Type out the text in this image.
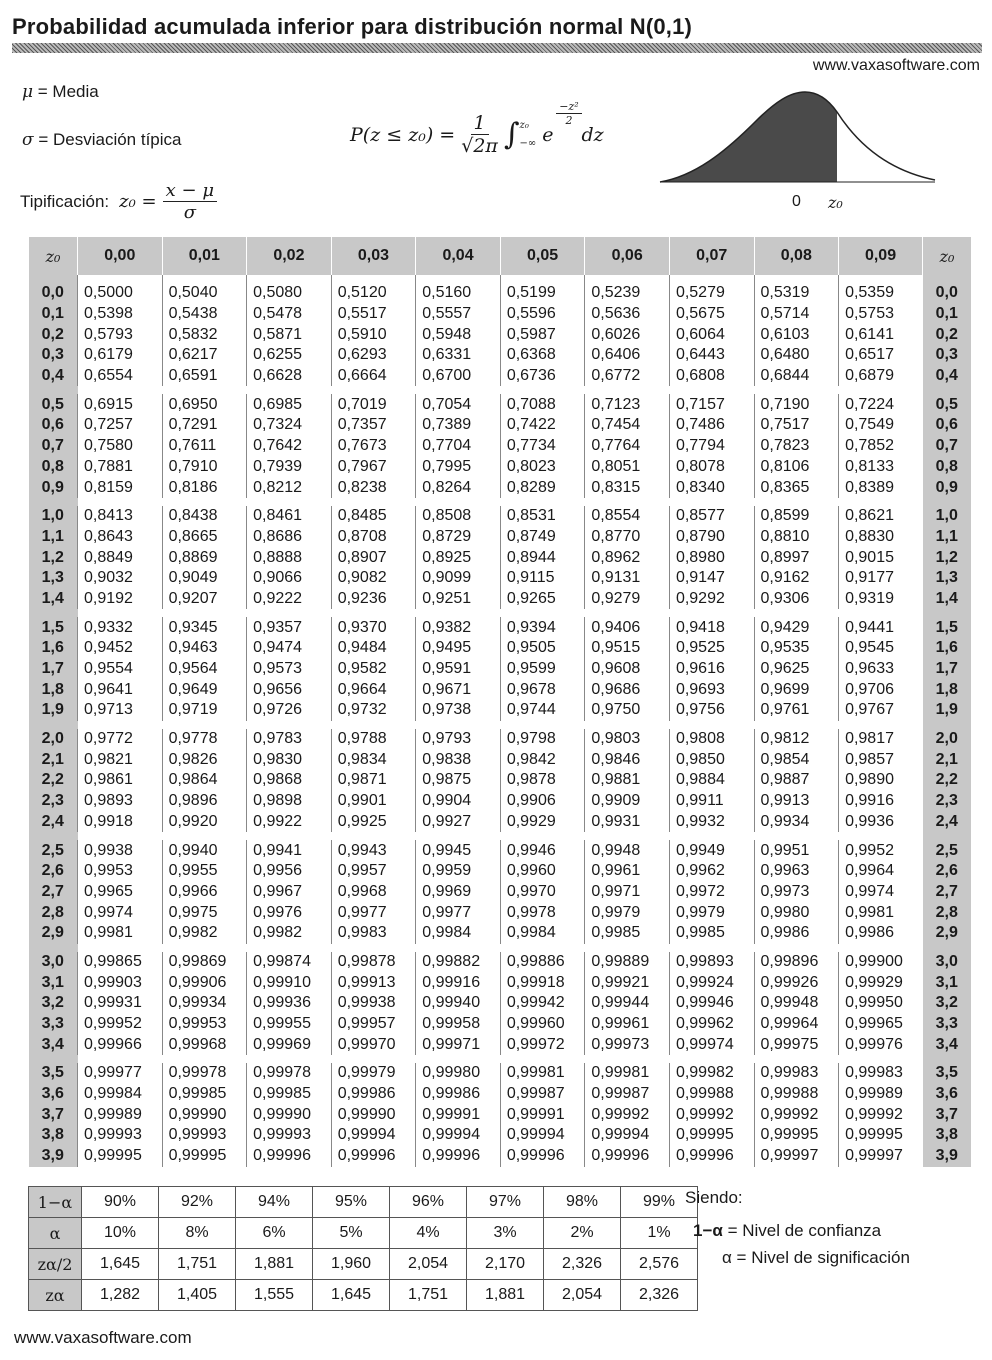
Probabilidad acumulada inferior para distribución normal N(0,1)
www.vaxasoftware.com
μ = Media
σ = Desviación típica	$P(z \le z_0) = \frac{1}{√2\pi}$ ∫ z₀
−∞ e
$\frac{\text{−z²}}{2}$
dz
Tipificación: $z_0 = \frac{x - \mu}{\sigma}$	0 z₀
z₀	0,00	0,01	0,02	0,03	0,04	0,05	0,06	0,07	0,08	0,09	z₀
0,0	0,5000	0,5040	0,5080	0,5120	0,5160	0,5199	0,5239	0,5279	0,5319	0,5359	0,0
0,1	0,5398	0,5438	0,5478	0,5517	0,5557	0,5596	0,5636	0,5675	0,5714	0,5753	0,1
0,2	0,5793	0,5832	0,5871	0,5910	0,5948	0,5987	0,6026	0,6064	0,6103	0,6141	0,2
0,3	0,6179	0,6217	0,6255	0,6293	0,6331	0,6368	0,6406	0,6443	0,6480	0,6517	0,3
0,4	0,6554	0,6591	0,6628	0,6664	0,6700	0,6736	0,6772	0,6808	0,6844	0,6879	0,4

0,5	0,6915	0,6950	0,6985	0,7019	0,7054	0,7088	0,7123	0,7157	0,7190	0,7224	0,5
0,6	0,7257	0,7291	0,7324	0,7357	0,7389	0,7422	0,7454	0,7486	0,7517	0,7549	0,6
0,7	0,7580	0,7611	0,7642	0,7673	0,7704	0,7734	0,7764	0,7794	0,7823	0,7852	0,7
0,8	0,7881	0,7910	0,7939	0,7967	0,7995	0,8023	0,8051	0,8078	0,8106	0,8133	0,8
0,9	0,8159	0,8186	0,8212	0,8238	0,8264	0,8289	0,8315	0,8340	0,8365	0,8389	0,9

1,0	0,8413	0,8438	0,8461	0,8485	0,8508	0,8531	0,8554	0,8577	0,8599	0,8621	1,0
1,1	0,8643	0,8665	0,8686	0,8708	0,8729	0,8749	0,8770	0,8790	0,8810	0,8830	1,1
1,2	0,8849	0,8869	0,8888	0,8907	0,8925	0,8944	0,8962	0,8980	0,8997	0,9015	1,2
1,3	0,9032	0,9049	0,9066	0,9082	0,9099	0,9115	0,9131	0,9147	0,9162	0,9177	1,3
1,4	0,9192	0,9207	0,9222	0,9236	0,9251	0,9265	0,9279	0,9292	0,9306	0,9319	1,4

1,5	0,9332	0,9345	0,9357	0,9370	0,9382	0,9394	0,9406	0,9418	0,9429	0,9441	1,5
1,6	0,9452	0,9463	0,9474	0,9484	0,9495	0,9505	0,9515	0,9525	0,9535	0,9545	1,6
1,7	0,9554	0,9564	0,9573	0,9582	0,9591	0,9599	0,9608	0,9616	0,9625	0,9633	1,7
1,8	0,9641	0,9649	0,9656	0,9664	0,9671	0,9678	0,9686	0,9693	0,9699	0,9706	1,8
1,9	0,9713	0,9719	0,9726	0,9732	0,9738	0,9744	0,9750	0,9756	0,9761	0,9767	1,9

2,0	0,9772	0,9778	0,9783	0,9788	0,9793	0,9798	0,9803	0,9808	0,9812	0,9817	2,0
2,1	0,9821	0,9826	0,9830	0,9834	0,9838	0,9842	0,9846	0,9850	0,9854	0,9857	2,1
2,2	0,9861	0,9864	0,9868	0,9871	0,9875	0,9878	0,9881	0,9884	0,9887	0,9890	2,2
2,3	0,9893	0,9896	0,9898	0,9901	0,9904	0,9906	0,9909	0,9911	0,9913	0,9916	2,3
2,4	0,9918	0,9920	0,9922	0,9925	0,9927	0,9929	0,9931	0,9932	0,9934	0,9936	2,4

2,5	0,9938	0,9940	0,9941	0,9943	0,9945	0,9946	0,9948	0,9949	0,9951	0,9952	2,5
2,6	0,9953	0,9955	0,9956	0,9957	0,9959	0,9960	0,9961	0,9962	0,9963	0,9964	2,6
2,7	0,9965	0,9966	0,9967	0,9968	0,9969	0,9970	0,9971	0,9972	0,9973	0,9974	2,7
2,8	0,9974	0,9975	0,9976	0,9977	0,9977	0,9978	0,9979	0,9979	0,9980	0,9981	2,8
2,9	0,9981	0,9982	0,9982	0,9983	0,9984	0,9984	0,9985	0,9985	0,9986	0,9986	2,9

3,0	0,99865	0,99869	0,99874	0,99878	0,99882	0,99886	0,99889	0,99893	0,99896	0,99900	3,0
3,1	0,99903	0,99906	0,99910	0,99913	0,99916	0,99918	0,99921	0,99924	0,99926	0,99929	3,1
3,2	0,99931	0,99934	0,99936	0,99938	0,99940	0,99942	0,99944	0,99946	0,99948	0,99950	3,2
3,3	0,99952	0,99953	0,99955	0,99957	0,99958	0,99960	0,99961	0,99962	0,99964	0,99965	3,3
3,4	0,99966	0,99968	0,99969	0,99970	0,99971	0,99972	0,99973	0,99974	0,99975	0,99976	3,4

3,5	0,99977	0,99978	0,99978	0,99979	0,99980	0,99981	0,99981	0,99982	0,99983	0,99983	3,5
3,6	0,99984	0,99985	0,99985	0,99986	0,99986	0,99987	0,99987	0,99988	0,99988	0,99989	3,6
3,7	0,99989	0,99990	0,99990	0,99990	0,99991	0,99991	0,99992	0,99992	0,99992	0,99992	3,7
3,8	0,99993	0,99993	0,99993	0,99994	0,99994	0,99994	0,99994	0,99995	0,99995	0,99995	3,8
3,9	0,99995	0,99995	0,99996	0,99996	0,99996	0,99996	0,99996	0,99996	0,99997	0,99997	3,9
1−α	90%	92%	94%	95%	96%	97%	98%	99%
α	10%	8%	6%	5%	4%	3%	2%	1%
zα/2	1,645	1,751	1,881	1,960	2,054	2,170	2,326	2,576
zα	1,282	1,405	1,555	1,645	1,751	1,881	2,054	2,326
Siendo:
1−α = Nivel de confianza
α = Nivel de significación
www.vaxasoftware.com
